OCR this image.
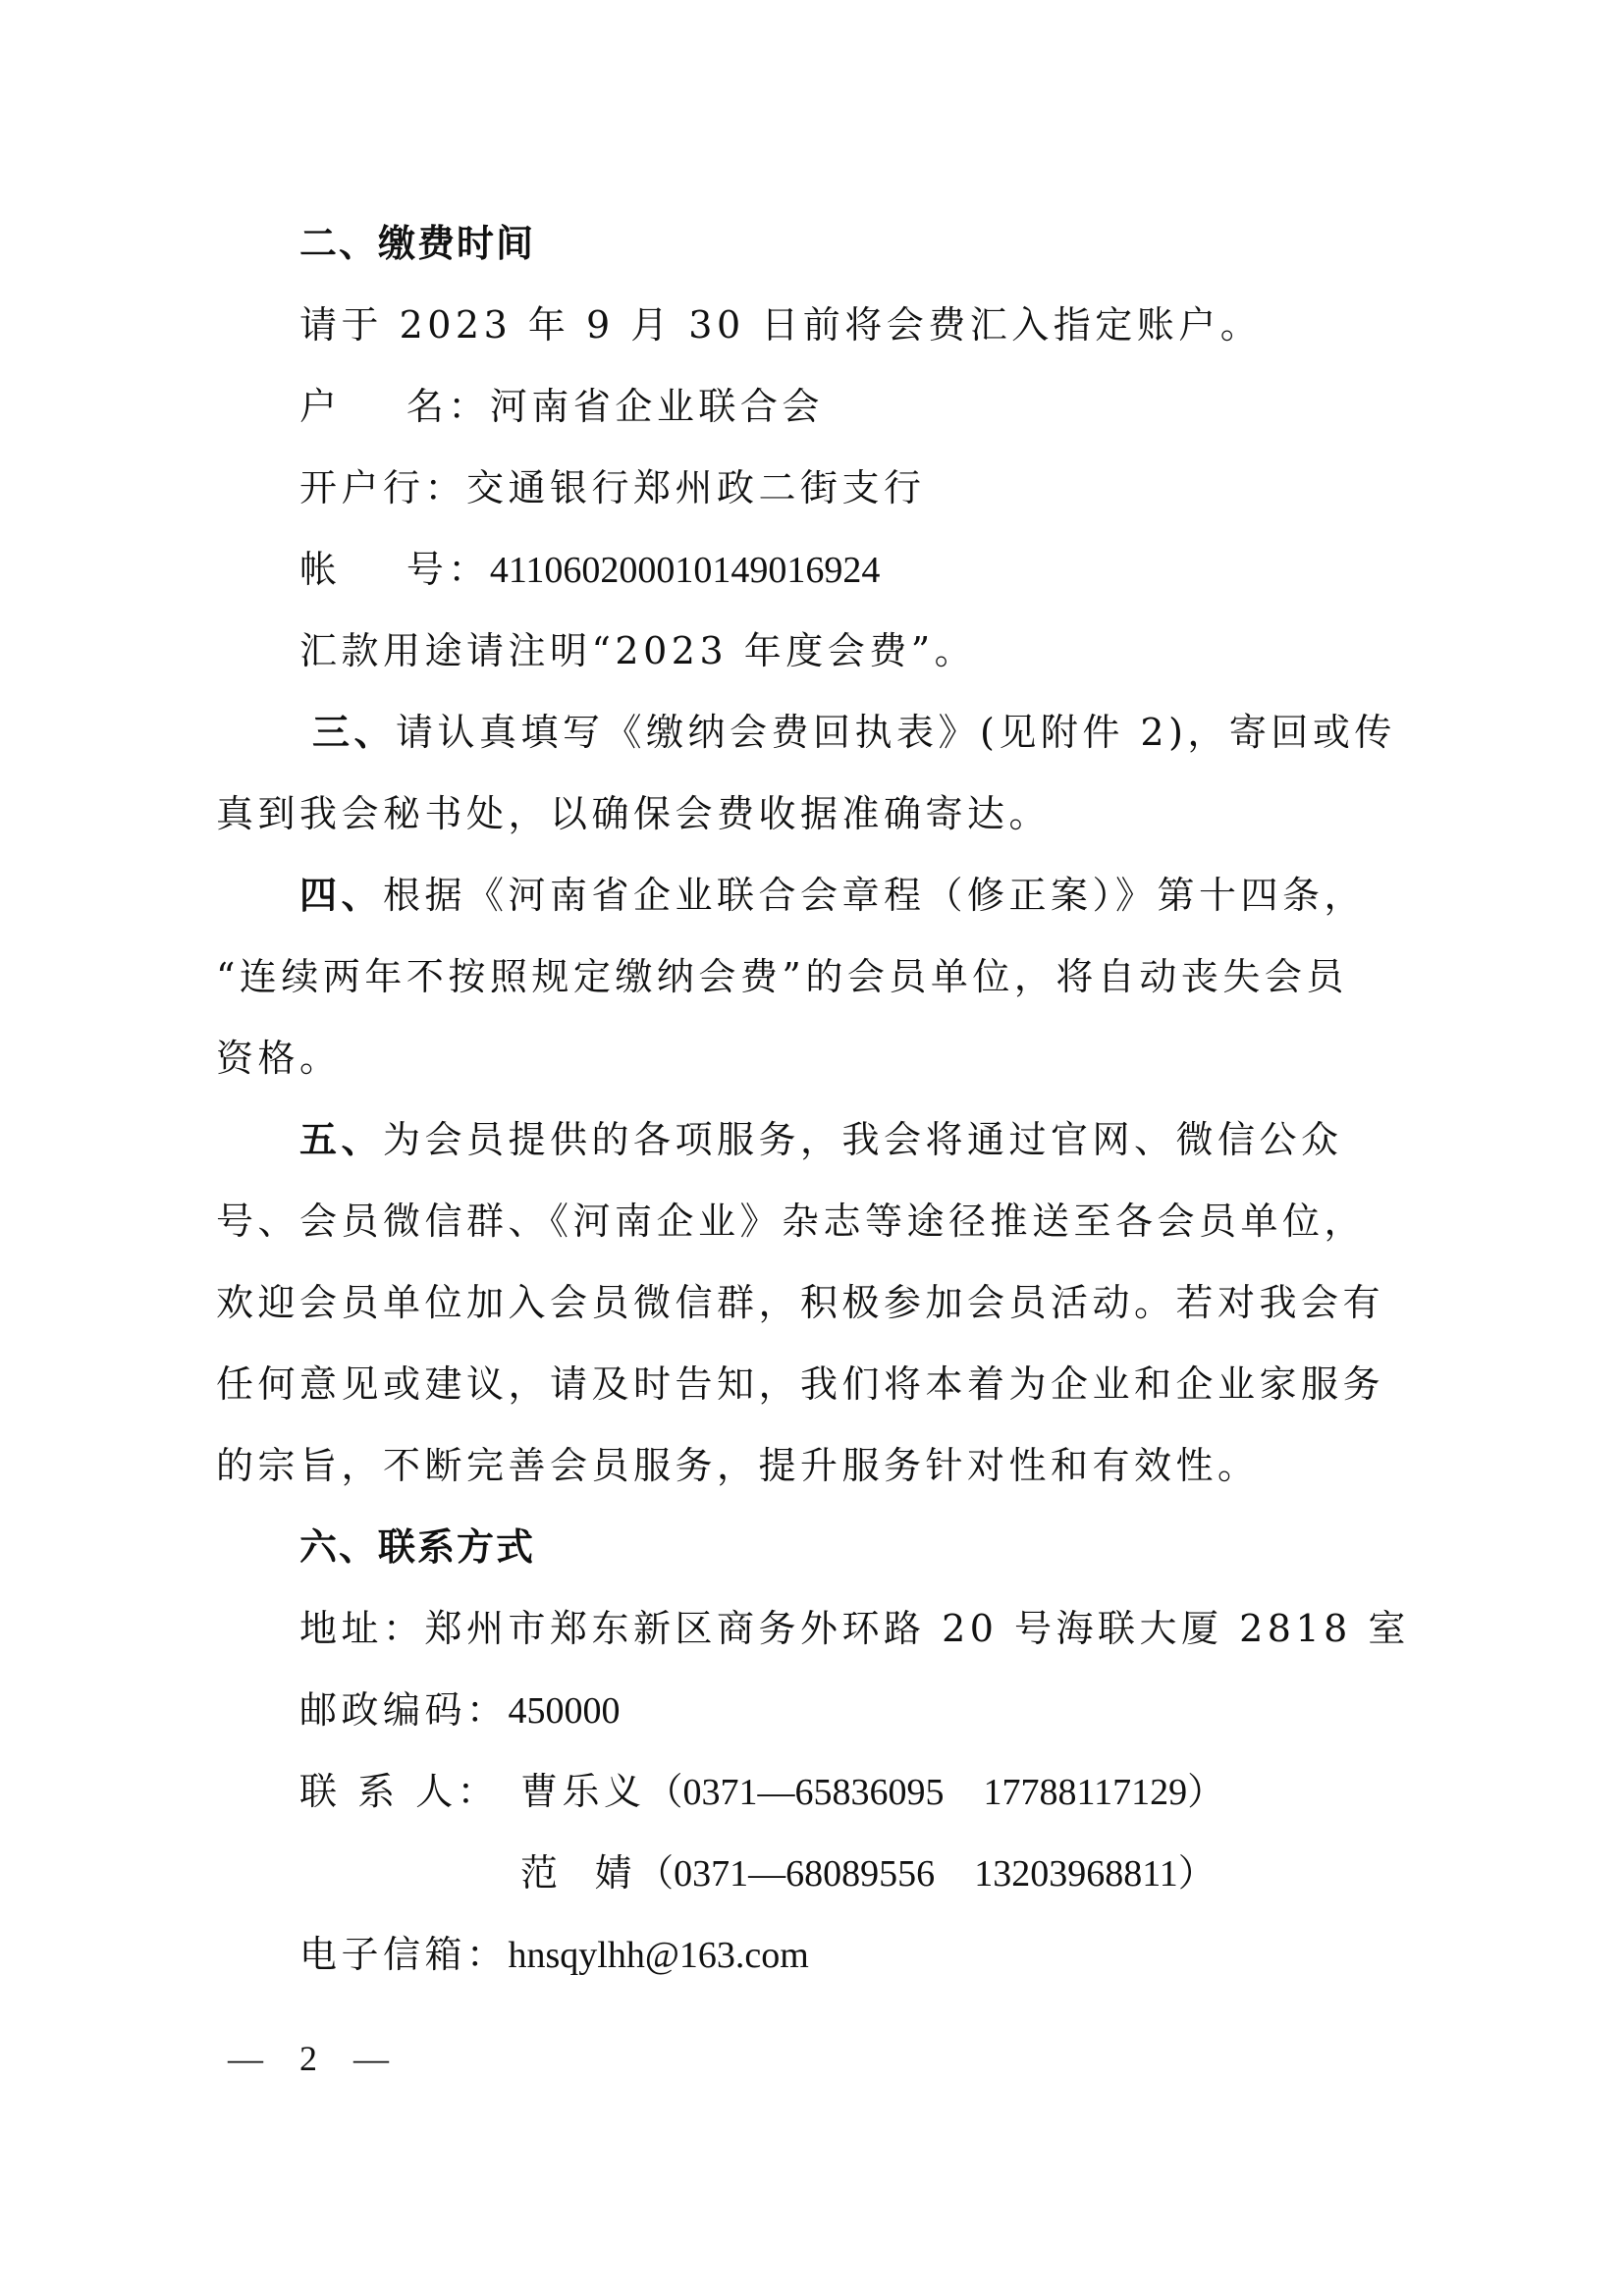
二、缴费时间
请于 2023 年 9 月 30 日前将会费汇入指定账户。
户    名：河南省企业联合会
开户行：交通银行郑州政二街支行
帐    号：411060200010149016924
汇款用途请注明“2023 年度会费”。
三、请认真填写《缴纳会费回执表》(见附件 2)，寄回或传
真到我会秘书处，以确保会费收据准确寄达。
四、根据《河南省企业联合会章程（修正案）》第十四条，
“连续两年不按照规定缴纳会费”的会员单位，将自动丧失会员
资格。
五、为会员提供的各项服务，我会将通过官网、微信公众
号、会员微信群、《河南企业》杂志等途径推送至各会员单位，
欢迎会员单位加入会员微信群，积极参加会员活动。若对我会有
任何意见或建议，请及时告知，我们将本着为企业和企业家服务
的宗旨，不断完善会员服务，提升服务针对性和有效性。
六、联系方式
地址：郑州市郑东新区商务外环路 20 号海联大厦 2818 室
邮政编码：450000
联 系 人： 曹乐义（0371—65836095 17788117129）
范  婧（0371—68089556 13203968811）
电子信箱：hnsqylhh@163.com
— 2 —
